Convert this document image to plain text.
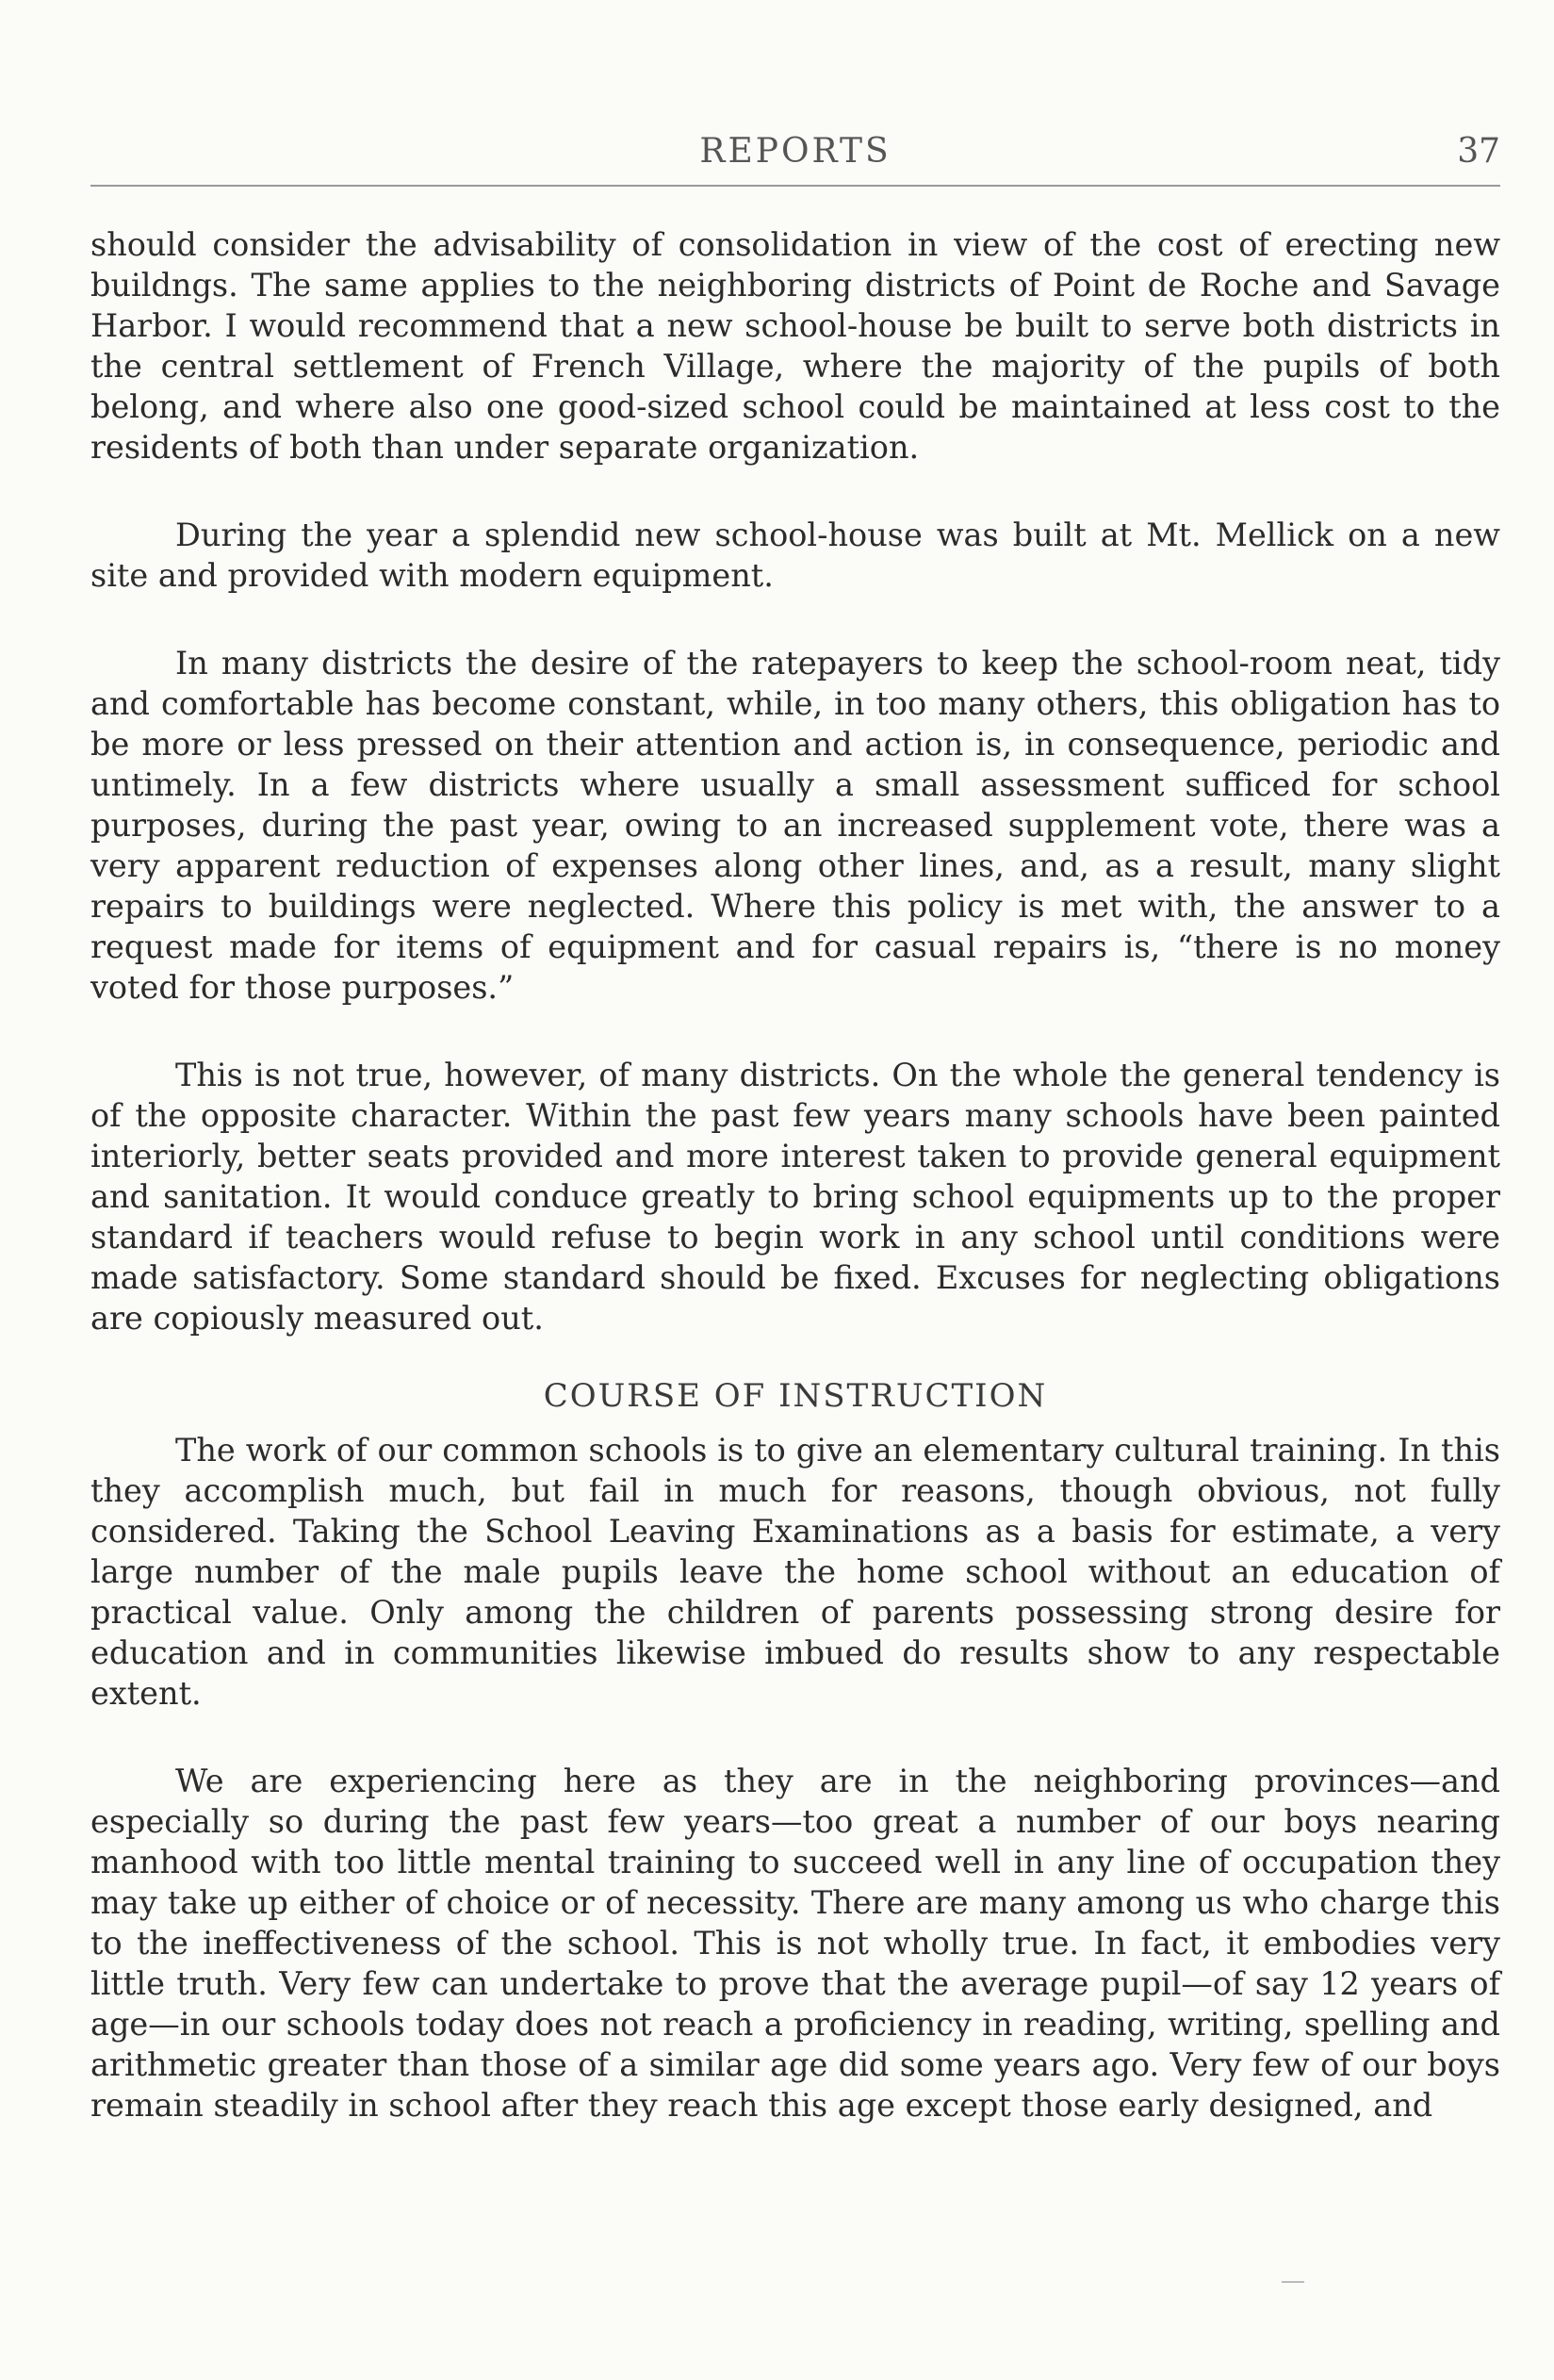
REPORTS	37

should consider the advisability of consolidation in view of the cost of erecting new buildngs. The same applies to the neighboring districts of Point de Roche and Savage Harbor. I would recommend that a new school-house be built to serve both districts in the central settlement of French Village, where the majority of the pupils of both belong, and where also one good-sized school could be maintained at less cost to the residents of both than under separate organization.

During the year a splendid new school-house was built at Mt. Mellick on a new site and provided with modern equipment.

In many districts the desire of the ratepayers to keep the school-room neat, tidy and comfortable has become constant, while, in too many others, this obligation has to be more or less pressed on their attention and action is, in consequence, periodic and untimely. In a few districts where usually a small assessment sufficed for school purposes, during the past year, owing to an increased supplement vote, there was a very apparent reduction of expenses along other lines, and, as a result, many slight repairs to buildings were neglected. Where this policy is met with, the answer to a request made for items of equipment and for casual repairs is, “there is no money voted for those purposes.”

This is not true, however, of many districts. On the whole the general tendency is of the opposite character. Within the past few years many schools have been painted interiorly, better seats provided and more interest taken to provide general equipment and sanitation. It would conduce greatly to bring school equipments up to the proper standard if teachers would refuse to begin work in any school until conditions were made satisfactory. Some standard should be fixed. Excuses for neglecting obligations are copiously measured out.

COURSE OF INSTRUCTION

The work of our common schools is to give an elementary cultural training. In this they accomplish much, but fail in much for reasons, though obvious, not fully considered. Taking the School Leaving Examinations as a basis for estimate, a very large number of the male pupils leave the home school without an education of practical value. Only among the children of parents possessing strong desire for education and in communities likewise imbued do results show to any respectable extent.

We are experiencing here as they are in the neighboring provinces—and especially so during the past few years—too great a number of our boys nearing manhood with too little mental training to succeed well in any line of occupation they may take up either of choice or of necessity. There are many among us who charge this to the ineffectiveness of the school. This is not wholly true. In fact, it embodies very little truth. Very few can undertake to prove that the average pupil—of say 12 years of age—in our schools today does not reach a proficiency in reading, writing, spelling and arithmetic greater than those of a similar age did some years ago. Very few of our boys remain steadily in school after they reach this age except those early designed, and
